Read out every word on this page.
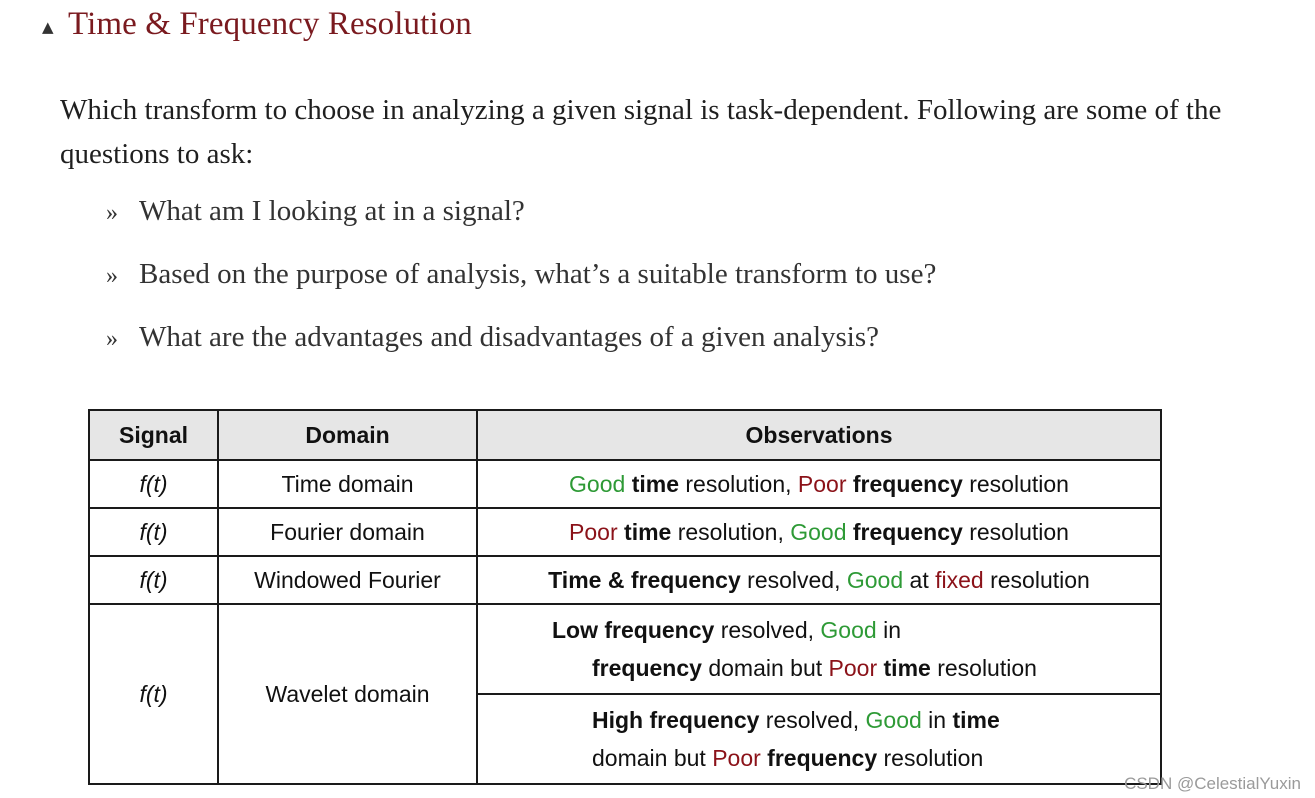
▲ Time & Frequency Resolution
Which transform to choose in analyzing a given signal is task-dependent. Following are some of the questions to ask:
» What am I looking at in a signal?
» Based on the purpose of analysis, what’s a suitable transform to use?
» What are the advantages and disadvantages of a given analysis?
Signal	Domain	Observations
f(t)	Time domain	Good time resolution, Poor frequency resolution
f(t)	Fourier domain	Poor time resolution, Good frequency resolution
f(t)	Windowed Fourier	Time & frequency resolved, Good at fixed resolution
f(t)	Wavelet domain	Low frequency resolved, Good in
frequency domain but Poor time resolution

		High frequency resolved, Good in time
domain but Poor frequency resolution
CSDN @CelestialYuxin
